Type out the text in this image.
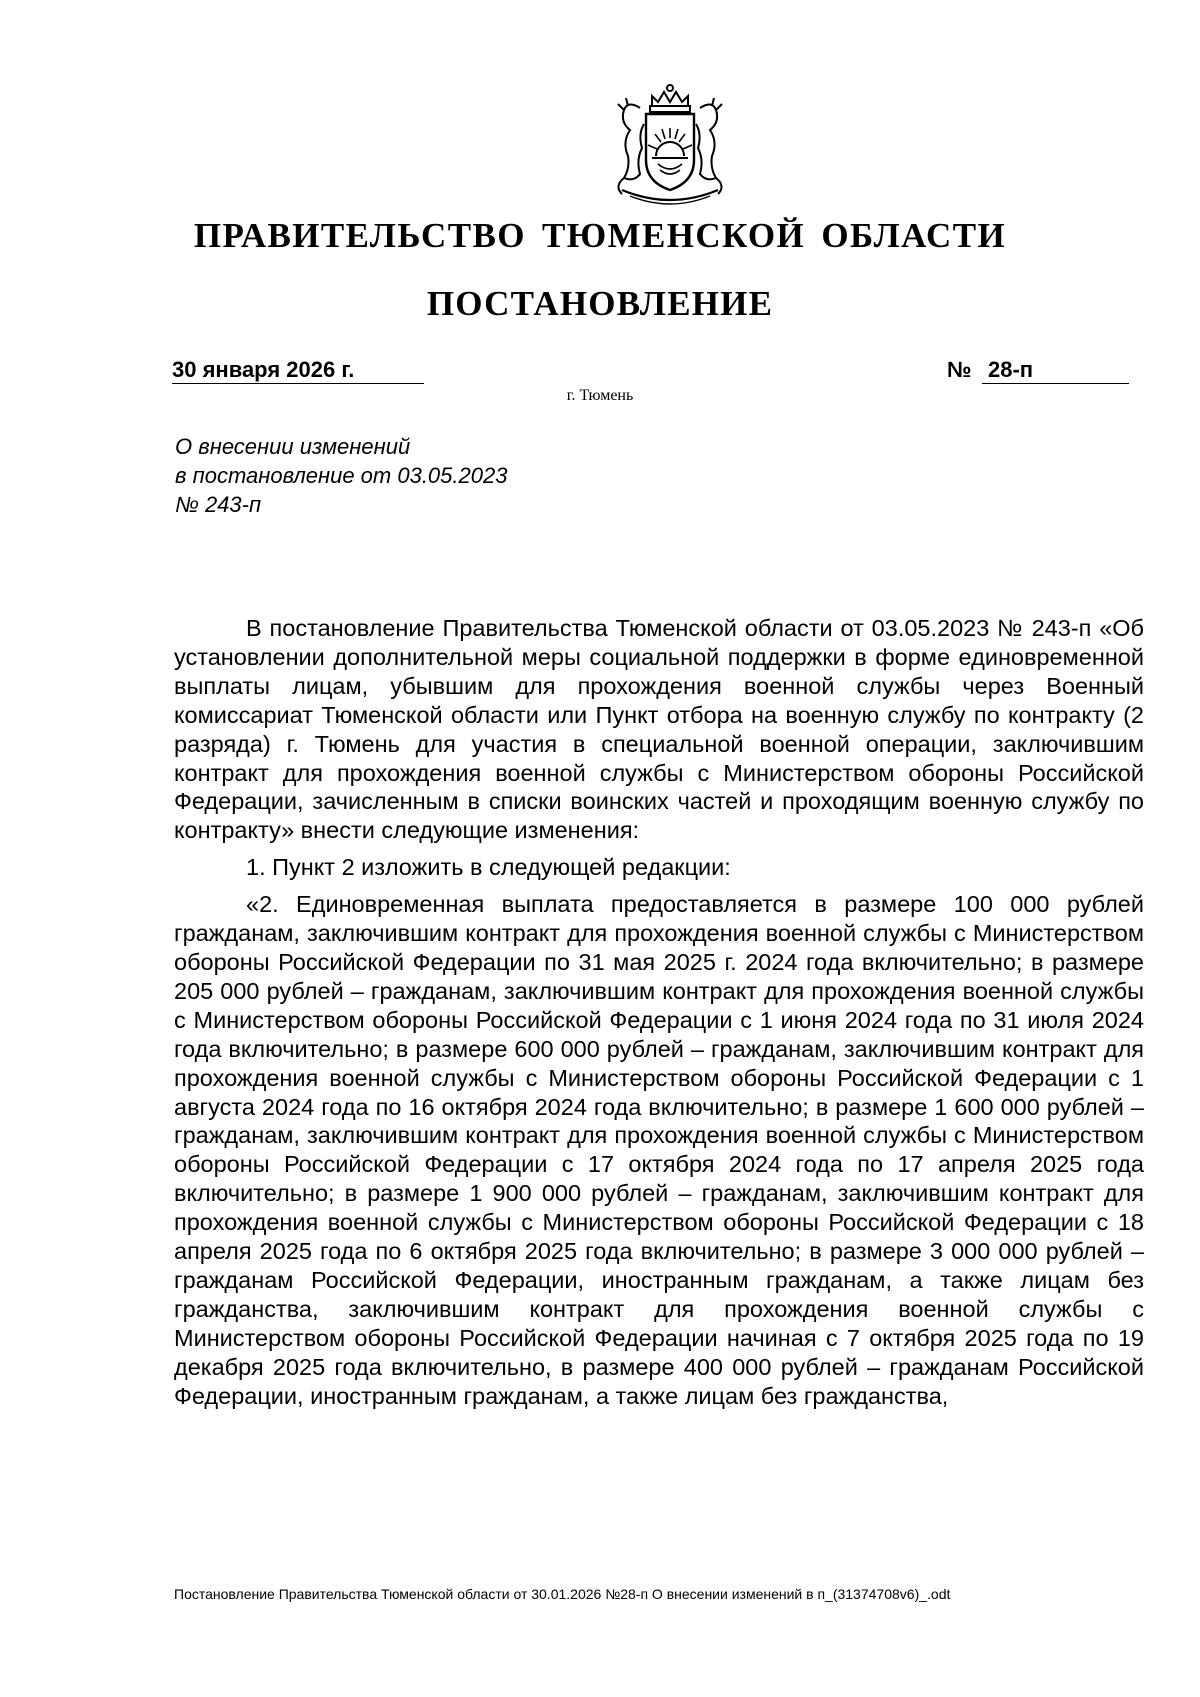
ПРАВИТЕЛЬСТВО ТЮМЕНСКОЙ ОБЛАСТИ
ПОСТАНОВЛЕНИЕ
30 января 2026 г.	№ 28-п
г. Тюмень
О внесении изменений
в постановление от 03.05.2023
№ 243-п

В постановление Правительства Тюменской области от 03.05.2023 № 243-п «Об установлении дополнительной меры социальной поддержки в форме единовременной выплаты лицам, убывшим для прохождения военной службы через Военный комиссариат Тюменской области или Пункт отбора на военную службу по контракту (2 разряда) г. Тюмень для участия в специальной военной операции, заключившим контракт для прохождения военной службы с Министерством обороны Российской Федерации, зачисленным в списки воинских частей и проходящим военную службу по контракту» внести следующие изменения:

1. Пункт 2 изложить в следующей редакции:

«2. Единовременная выплата предоставляется в размере 100 000 рублей гражданам, заключившим контракт для прохождения военной службы с Министерством обороны Российской Федерации по 31 мая 2025 г. 2024 года включительно; в размере 205 000 рублей – гражданам, заключившим контракт для прохождения военной службы с Министерством обороны Российской Федерации с 1 июня 2024 года по 31 июля 2024 года включительно; в размере 600 000 рублей – гражданам, заключившим контракт для прохождения военной службы с Министерством обороны Российской Федерации с 1 августа 2024 года по 16 октября 2024 года включительно; в размере 1 600 000 рублей – гражданам, заключившим контракт для прохождения военной службы с Министерством обороны Российской Федерации с 17 октября 2024 года по 17 апреля 2025 года включительно; в размере 1 900 000 рублей – гражданам, заключившим контракт для прохождения военной службы с Министерством обороны Российской Федерации с 18 апреля 2025 года по 6 октября 2025 года включительно; в размере 3 000 000 рублей – гражданам Российской Федерации, иностранным гражданам, а также лицам без гражданства, заключившим контракт для прохождения военной службы с Министерством обороны Российской Федерации начиная с 7 октября 2025 года по 19 декабря 2025 года включительно, в размере 400 000 рублей – гражданам Российской Федерации, иностранным гражданам, а также лицам без гражданства,

Постановление Правительства Тюменской области от 30.01.2026 №28-п О внесении изменений в п_(31374708v6)_.odt
